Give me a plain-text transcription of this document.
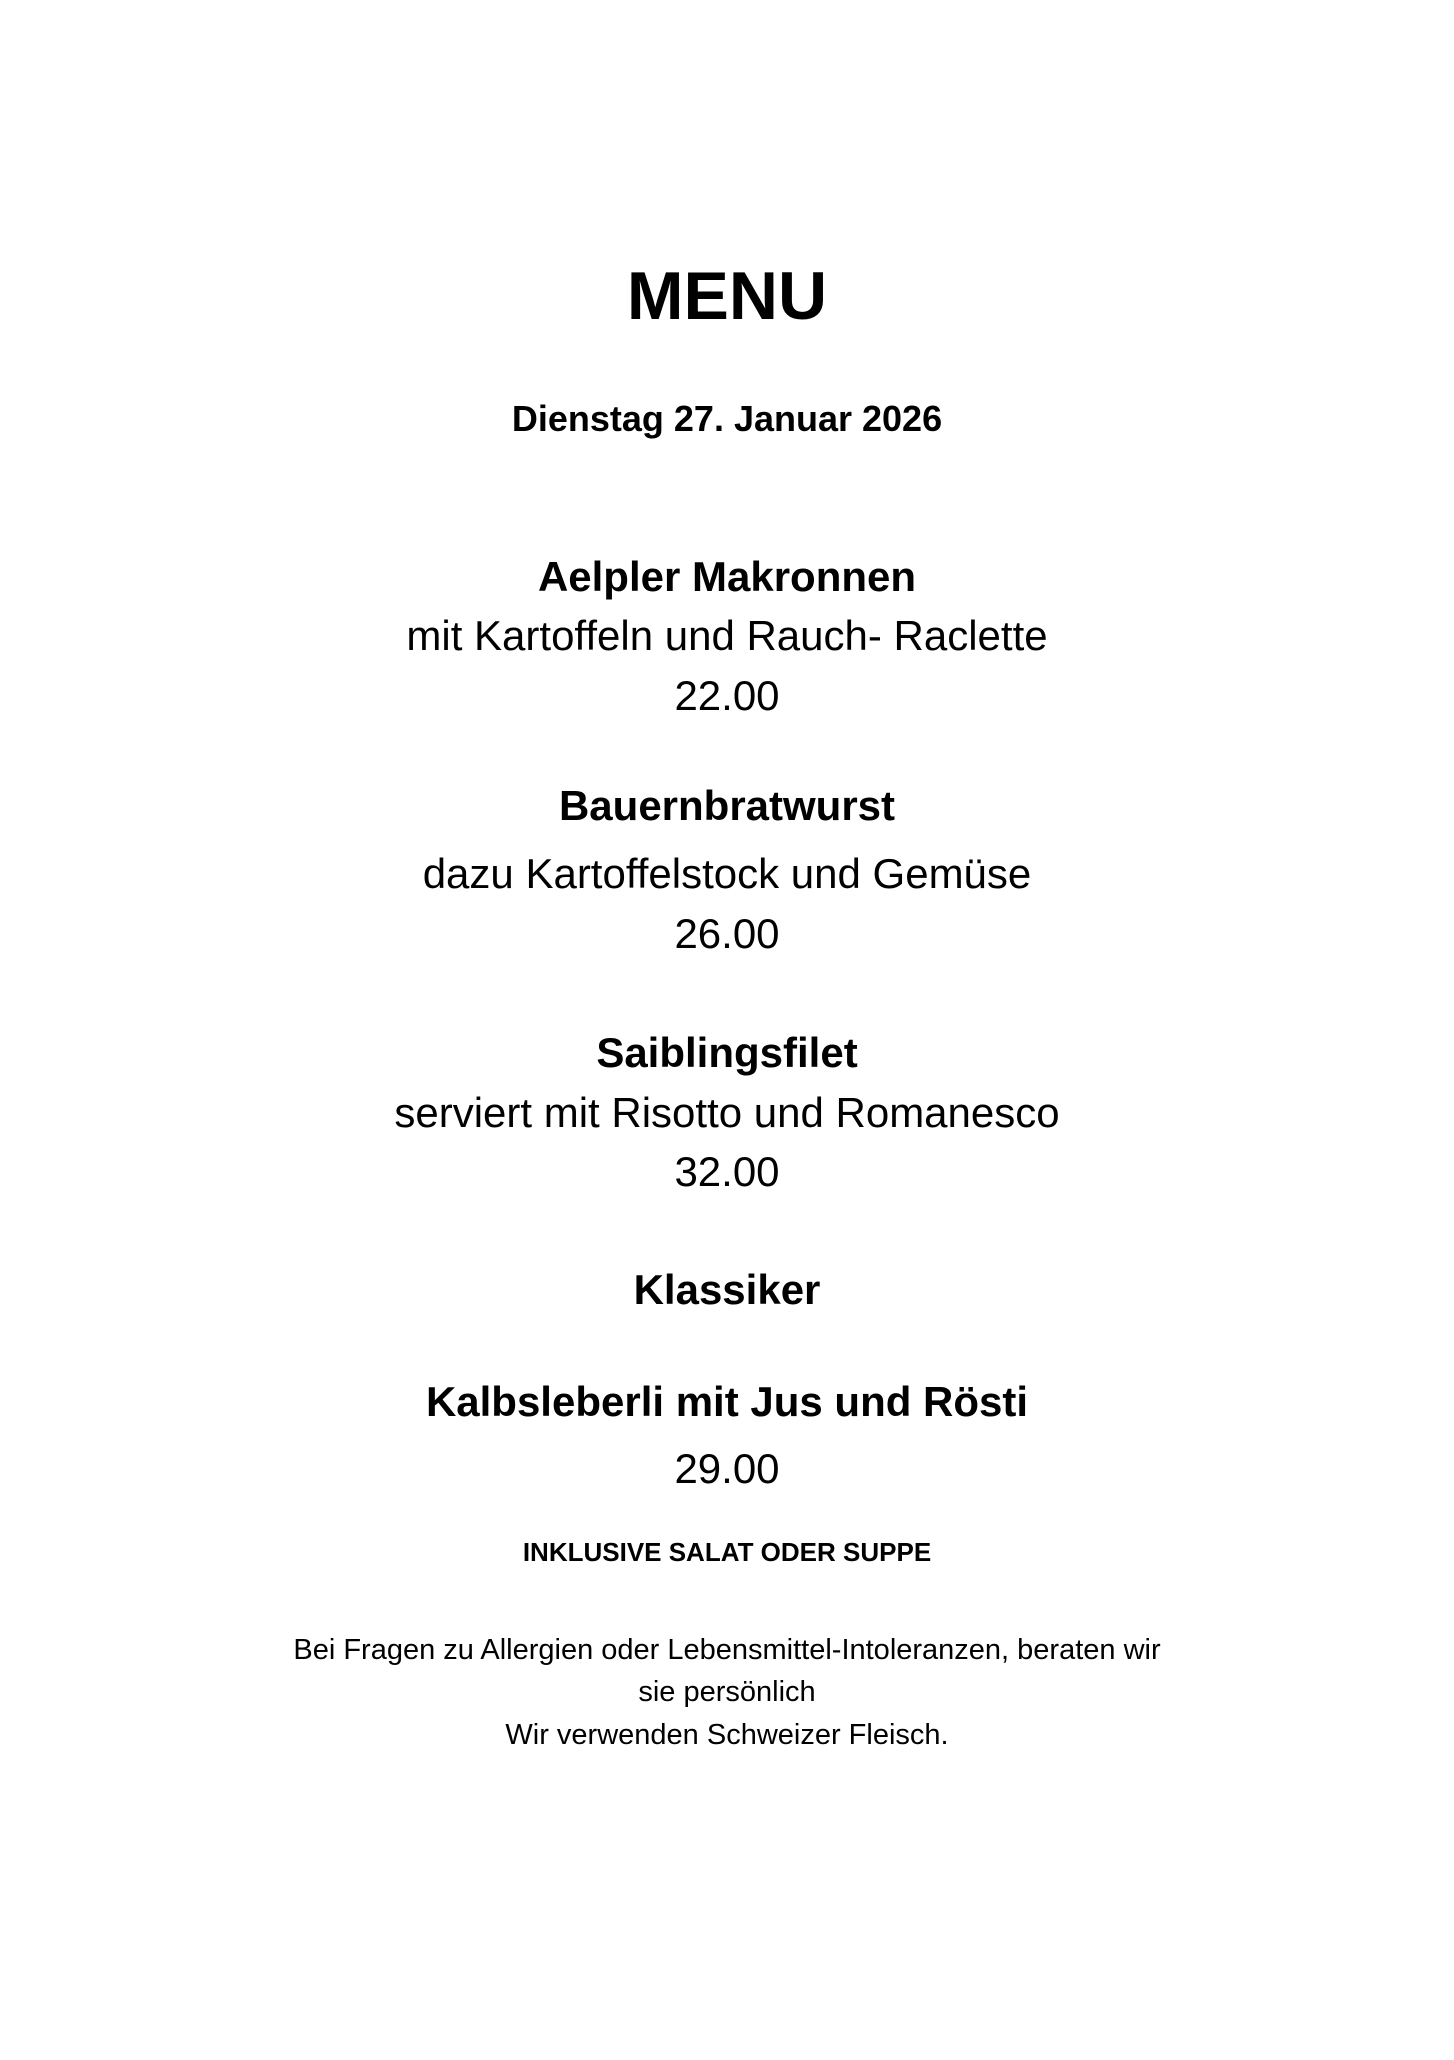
MENU
Dienstag 27. Januar 2026
Aelpler Makronnen
mit Kartoffeln und Rauch- Raclette
22.00
Bauernbratwurst
dazu Kartoffelstock und Gemüse
26.00
Saiblingsfilet
serviert mit Risotto und Romanesco
32.00
Klassiker
Kalbsleberli mit Jus und Rösti
29.00
INKLUSIVE SALAT ODER SUPPE
Bei Fragen zu Allergien oder Lebensmittel-Intoleranzen, beraten wir
sie persönlich
Wir verwenden Schweizer Fleisch.
